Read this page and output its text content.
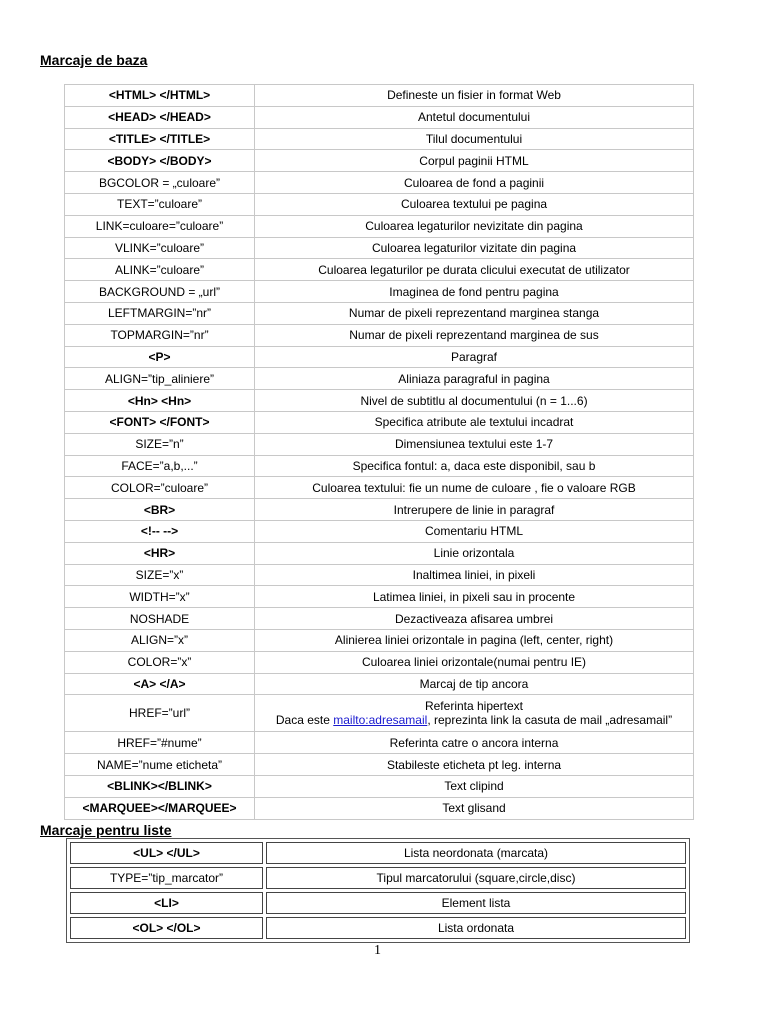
Marcaje de baza
<HTML> </HTML>	Defineste un fisier in format Web
<HEAD> </HEAD>	Antetul documentului
<TITLE> </TITLE>	Tilul documentului
<BODY> </BODY>	Corpul paginii HTML
BGCOLOR = „culoare”	Culoarea de fond a paginii
TEXT=”culoare”	Culoarea textului pe pagina
LINK=culoare=”culoare”	Culoarea legaturilor nevizitate din pagina
VLINK=”culoare”	Culoarea legaturilor vizitate din pagina
ALINK=”culoare”	Culoarea legaturilor pe durata clicului executat de utilizator
BACKGROUND = „url”	Imaginea de fond pentru pagina
LEFTMARGIN=”nr”	Numar de pixeli reprezentand marginea stanga
TOPMARGIN=”nr”	Numar de pixeli reprezentand marginea de sus
<P>	Paragraf
ALIGN=”tip_aliniere”	Aliniaza paragraful in pagina
<Hn> <Hn>	Nivel de subtitlu al documentului (n = 1...6)
<FONT> </FONT>	Specifica atribute ale textului incadrat
SIZE=”n”	Dimensiunea textului este 1-7
FACE=”a,b,...”	Specifica fontul: a, daca este disponibil, sau b
COLOR=”culoare”	Culoarea textului: fie un nume de culoare , fie o valoare RGB
<BR>	Intrerupere de linie in paragraf
<!-- -->	Comentariu HTML
<HR>	Linie orizontala
SIZE=”x”	Inaltimea liniei, in pixeli
WIDTH=”x”	Latimea liniei, in pixeli sau in procente
NOSHADE	Dezactiveaza afisarea umbrei
ALIGN=”x”	Alinierea liniei orizontale in pagina (left, center, right)
COLOR=”x”	Culoarea liniei orizontale(numai pentru IE)
<A> </A>	Marcaj de tip ancora
HREF=”url”	Referinta hipertext
Daca este mailto:adresamail, reprezinta link la casuta de mail „adresamail”

HREF=”#nume”	Referinta catre o ancora interna
NAME=”nume eticheta”	Stabileste eticheta pt leg. interna
<BLINK></BLINK>	Text clipind
<MARQUEE></MARQUEE>	Text glisand
Marcaje pentru liste
<UL> </UL>	Lista neordonata (marcata)
TYPE=”tip_marcator”	Tipul marcatorului (square,circle,disc)
<LI>	Element lista
<OL> </OL>	Lista ordonata
1
